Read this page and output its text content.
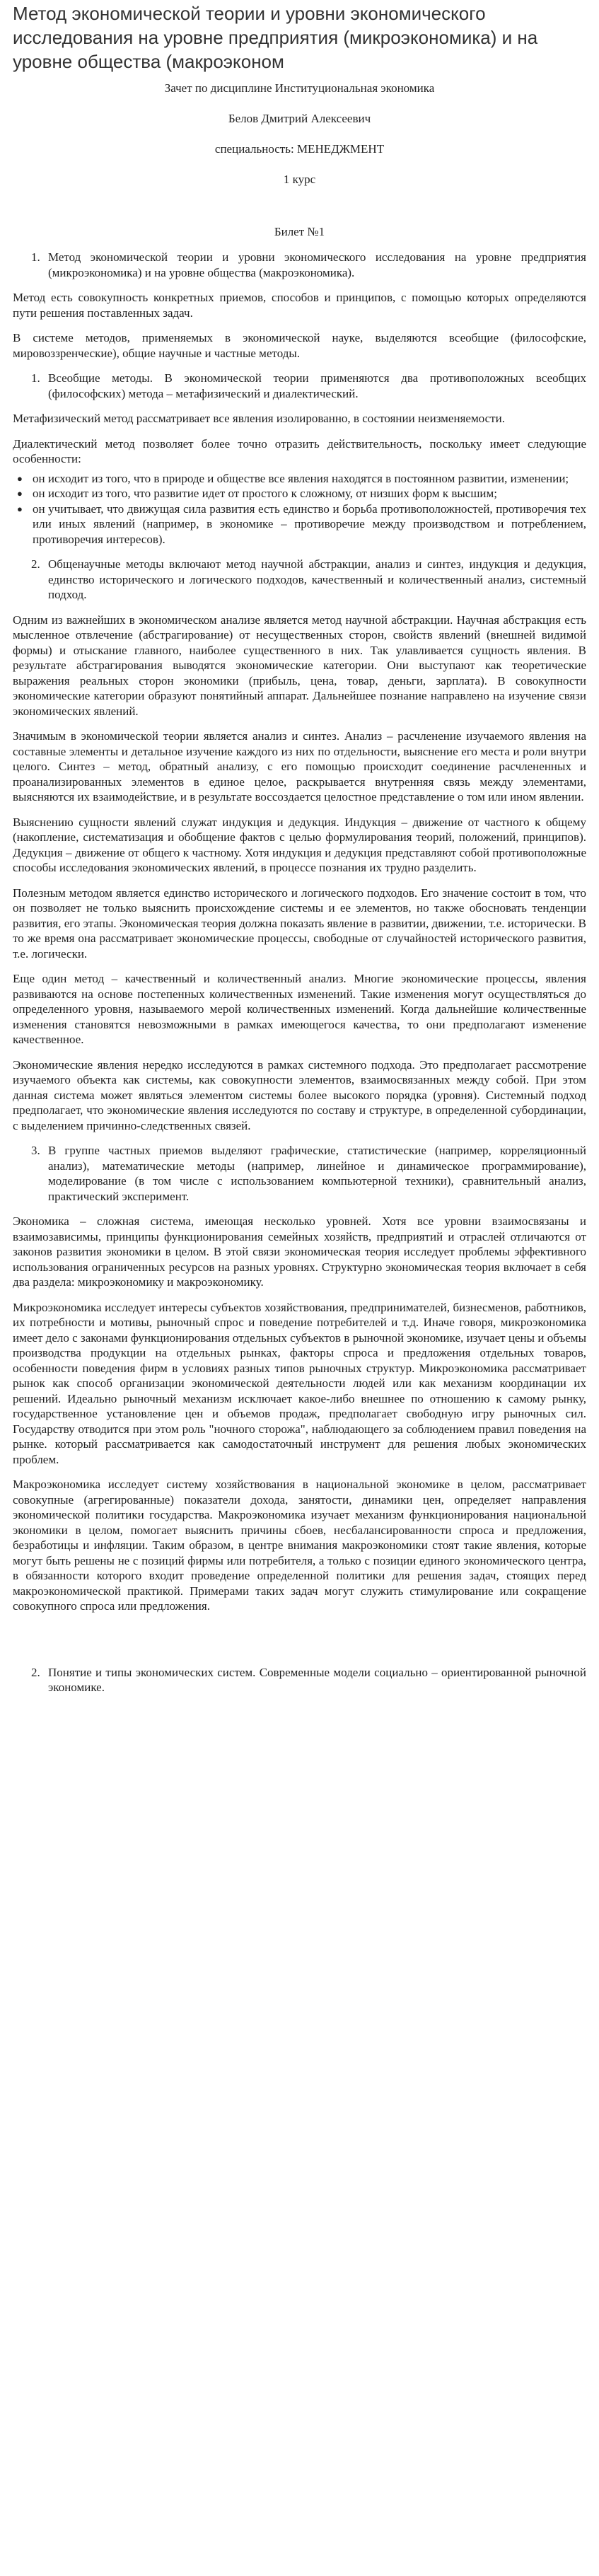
Метод экономической теории и уровни экономического исследования на уровне предприятия (микроэкономика) и на уровне общества (макроэконом

Зачет по дисциплине Институциональная экономика

Белов Дмитрий Алексеевич

специальность: МЕНЕДЖМЕНТ

1 курс

Билет №1

1. Метод экономической теории и уровни экономического исследования на уровне предприятия (микроэкономика) и на уровне общества (макроэкономика).

Метод есть совокупность конкретных приемов, способов и принципов, с помощью которых определяются пути решения поставленных задач.

В системе методов, применяемых в экономической науке, выделяются всеобщие (философские, мировоззренческие), общие научные и частные методы.

1. Всеобщие методы. В экономической теории применяются два противоположных всеобщих (философских) метода – метафизический и диалектический.

Метафизический метод рассматривает все явления изолированно, в состоянии неизменяемости.

Диалектический метод позволяет более точно отразить действительность, поскольку имеет следующие особенности:

● он исходит из того, что в природе и обществе все явления находятся в постоянном развитии, изменении;
● он исходит из того, что развитие идет от простого к сложному, от низших форм к высшим;
● он учитывает, что движущая сила развития есть единство и борьба противоположностей, противоречия тех или иных явлений (например, в экономике – противоречие между производством и потреблением, противоречия интересов).
2. Общенаучные методы включают метод научной абстракции, анализ и синтез, индукция и дедукция, единство исторического и логического подходов, качественный и количественный анализ, системный подход.

Одним из важнейших в экономическом анализе является метод научной абстракции. Научная абстракция есть мысленное отвлечение (абстрагирование) от несущественных сторон, свойств явлений (внешней видимой формы) и отыскание главного, наиболее существенного в них. Так улавливается сущность явления. В результате абстрагирования выводятся экономические категории. Они выступают как теоретические выражения реальных сторон экономики (прибыль, цена, товар, деньги, зарплата). В совокупности экономические категории образуют понятийный аппарат. Дальнейшее познание направлено на изучение связи экономических явлений.

Значимым в экономической теории является анализ и синтез. Анализ – расчленение изучаемого явления на составные элементы и детальное изучение каждого из них по отдельности, выяснение его места и роли внутри целого. Синтез – метод, обратный анализу, с его помощью происходит соединение расчлененных и проанализированных элементов в единое целое, раскрывается внутренняя связь между элементами, выясняются их взаимодействие, и в результате воссоздается целостное представление о том или ином явлении.

Выяснению сущности явлений служат индукция и дедукция. Индукция – движение от частного к общему (накопление, систематизация и обобщение фактов с целью формулирования теорий, положений, принципов). Дедукция – движение от общего к частному. Хотя индукция и дедукция представляют собой противоположные способы исследования экономических явлений, в процессе познания их трудно разделить.

Полезным методом является единство исторического и логического подходов. Его значение состоит в том, что он позволяет не только выяснить происхождение системы и ее элементов, но также обосновать тенденции развития, его этапы. Экономическая теория должна показать явление в развитии, движении, т.е. исторически. В то же время она рассматривает экономические процессы, свободные от случайностей исторического развития, т.е. логически.

Еще один метод – качественный и количественный анализ. Многие экономические процессы, явления развиваются на основе постепенных количественных изменений. Такие изменения могут осуществляться до определенного уровня, называемого мерой количественных изменений. Когда дальнейшие количественные изменения становятся невозможными в рамках имеющегося качества, то они предполагают изменение качественное.

Экономические явления нередко исследуются в рамках системного подхода. Это предполагает рассмотрение изучаемого объекта как системы, как совокупности элементов, взаимосвязанных между собой. При этом данная система может являться элементом системы более высокого порядка (уровня). Системный подход предполагает, что экономические явления исследуются по составу и структуре, в определенной субординации, с выделением причинно-следственных связей.

3. В группе частных приемов выделяют графические, статистические (например, корреляционный анализ), математические методы (например, линейное и динамическое программирование), моделирование (в том числе с использованием компьютерной техники), сравнительный анализ, практический эксперимент.

Экономика – сложная система, имеющая несколько уровней. Хотя все уровни взаимосвязаны и взаимозависимы, принципы функционирования семейных хозяйств, предприятий и отраслей отличаются от законов развития экономики в целом. В этой связи экономическая теория исследует проблемы эффективного использования ограниченных ресурсов на разных уровнях. Структурно экономическая теория включает в себя два раздела: микроэкономику и макроэкономику.

Микроэкономика исследует интересы субъектов хозяйствования, предпринимателей, бизнесменов, работников, их потребности и мотивы, рыночный спрос и поведение потребителей и т.д. Иначе говоря, микроэкономика имеет дело с законами функционирования отдельных субъектов в рыночной экономике, изучает цены и объемы производства продукции на отдельных рынках, факторы спроса и предложения отдельных товаров, особенности поведения фирм в условиях разных типов рыночных структур. Микроэкономика рассматривает рынок как способ организации экономической деятельности людей или как механизм координации их решений. Идеально рыночный механизм исключает какое-либо внешнее по отношению к самому рынку, государственное установление цен и объемов продаж, предполагает свободную игру рыночных сил. Государству отводится при этом роль "ночного сторожа", наблюдающего за соблюдением правил поведения на рынке. который рассматривается как самодостаточный инструмент для решения любых экономических проблем.

Макроэкономика исследует систему хозяйствования в национальной экономике в целом, рассматривает совокупные (агрегированные) показатели дохода, занятости, динамики цен, определяет направления экономической политики государства. Макроэкономика изучает механизм функционирования национальной экономики в целом, помогает выяснить причины сбоев, несбалансированности спроса и предложения, безработицы и инфляции. Таким образом, в центре внимания макроэкономики стоят такие явления, которые могут быть решены не с позиций фирмы или потребителя, а только с позиции единого экономического центра, в обязанности которого входит проведение определенной политики для решения задач, стоящих перед макроэкономической практикой. Примерами таких задач могут служить стимулирование или сокращение совокупного спроса или предложения.

2. Понятие и типы экономических систем. Современные модели социально – ориентированной рыночной экономике.
